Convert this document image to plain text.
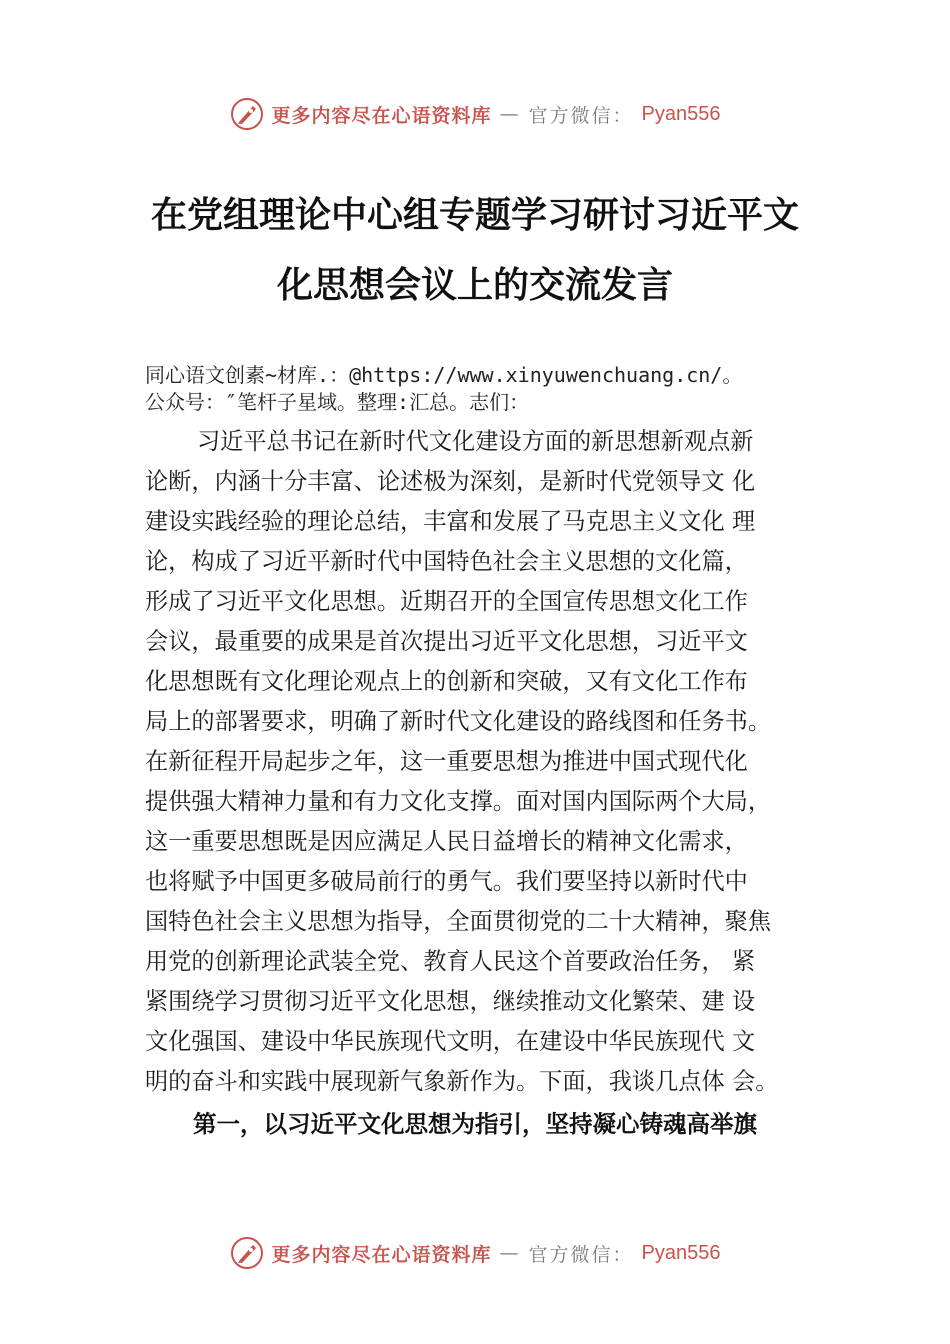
更多内容尽在心语资料库 — 官方微信： Pyan556
在党组理论中心组专题学习研讨习近平文
化思想会议上的交流发言
同心语文创素~材库.：@https://www.xinyuwenchuang.cn/。
公众号：″笔杆子星域。整理:汇总。志们：
习近平总书记在新时代文化建设方面的新思想新观点新
论断，内涵十分丰富、论述极为深刻，是新时代党领导文 化
建设实践经验的理论总结，丰富和发展了马克思主义文化 理
论，构成了习近平新时代中国特色社会主义思想的文化篇，
形成了习近平文化思想。近期召开的全国宣传思想文化工作
会议，最重要的成果是首次提出习近平文化思想，习近平文
化思想既有文化理论观点上的创新和突破，又有文化工作布
局上的部署要求，明确了新时代文化建设的路线图和任务书。
在新征程开局起步之年，这一重要思想为推进中国式现代化
提供强大精神力量和有力文化支撑。面对国内国际两个大局，
这一重要思想既是因应满足人民日益增长的精神文化需求，
也将赋予中国更多破局前行的勇气。我们要坚持以新时代中
国特色社会主义思想为指导，全面贯彻党的二十大精神，聚焦
用党的创新理论武装全党、教育人民这个首要政治任务， 紧
紧围绕学习贯彻习近平文化思想，继续推动文化繁荣、建 设
文化强国、建设中华民族现代文明，在建设中华民族现代 文
明的奋斗和实践中展现新气象新作为。下面，我谈几点体 会。
第一，以习近平文化思想为指引，坚持凝心铸魂高举旗
更多内容尽在心语资料库 — 官方微信： Pyan556
